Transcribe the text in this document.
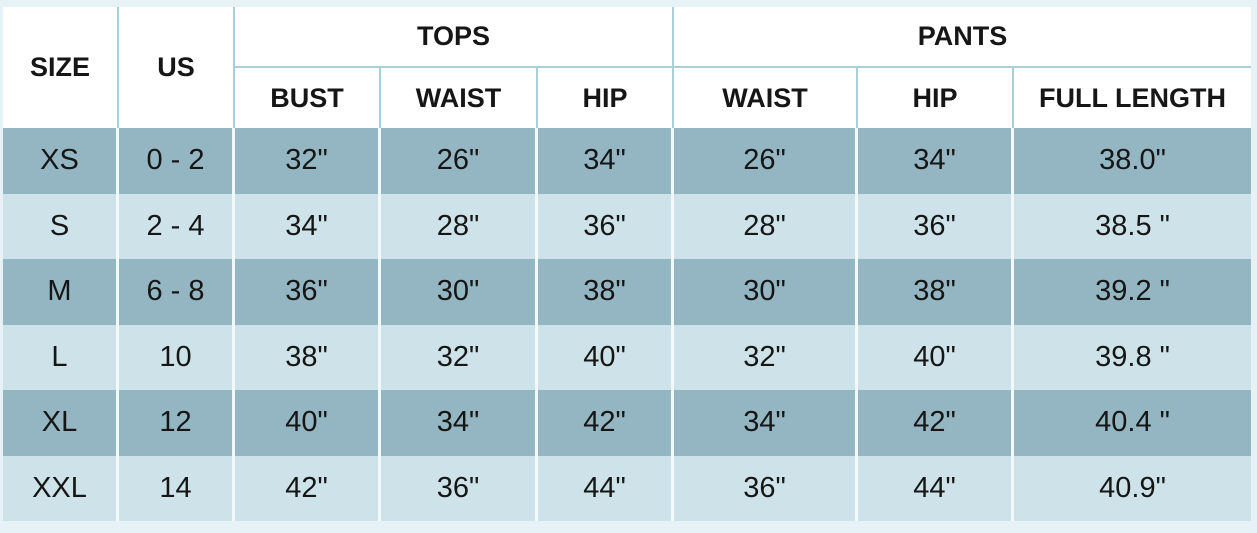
SIZE	US	TOPS			PANTS		
		BUST	WAIST	HIP	WAIST	HIP	FULL LENGTH
XS	0 - 2	32"	26"	34"	26"	34"	38.0"
S	2 - 4	34"	28"	36"	28"	36"	38.5 "
M	6 - 8	36"	30"	38"	30"	38"	39.2 "
L	10	38"	32"	40"	32"	40"	39.8 "
XL	12	40"	34"	42"	34"	42"	40.4 "
XXL	14	42"	36"	44"	36"	44"	40.9"
